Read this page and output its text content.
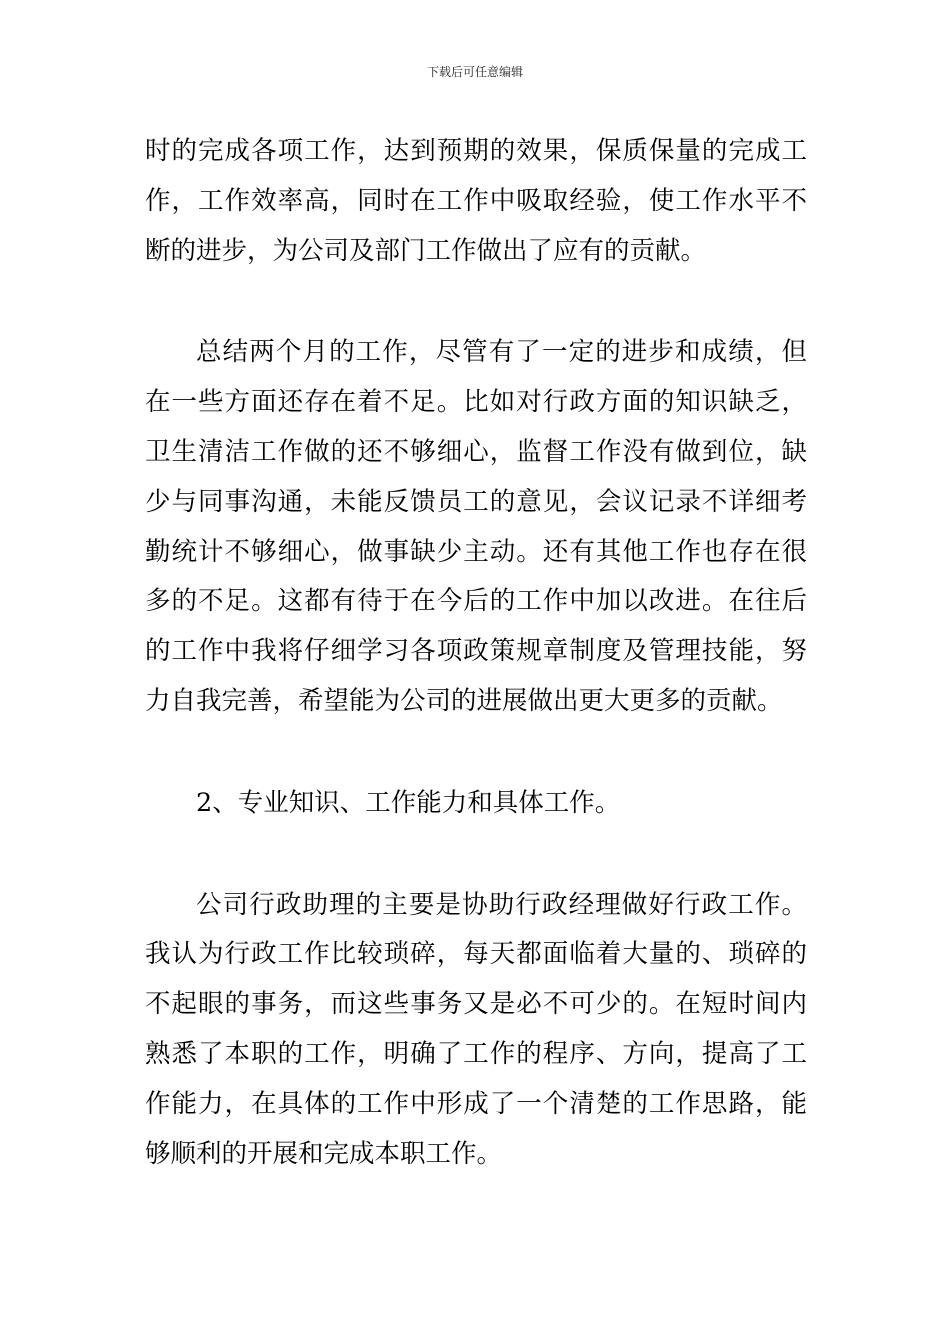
下载后可任意编辑

时的完成各项工作，达到预期的效果，保质保量的完成工作，工作效率高，同时在工作中吸取经验，使工作水平不断的进步，为公司及部门工作做出了应有的贡献。

总结两个月的工作，尽管有了一定的进步和成绩，但在一些方面还存在着不足。比如对行政方面的知识缺乏，卫生清洁工作做的还不够细心，监督工作没有做到位，缺少与同事沟通，未能反馈员工的意见，会议记录不详细考勤统计不够细心，做事缺少主动。还有其他工作也存在很多的不足。这都有待于在今后的工作中加以改进。在往后的工作中我将仔细学习各项政策规章制度及管理技能，努力自我完善，希望能为公司的进展做出更大更多的贡献。

2、专业知识、工作能力和具体工作。

公司行政助理的主要是协助行政经理做好行政工作。我认为行政工作比较琐碎，每天都面临着大量的、琐碎的不起眼的事务，而这些事务又是必不可少的。在短时间内熟悉了本职的工作，明确了工作的程序、方向，提高了工作能力，在具体的工作中形成了一个清楚的工作思路，能够顺利的开展和完成本职工作。
